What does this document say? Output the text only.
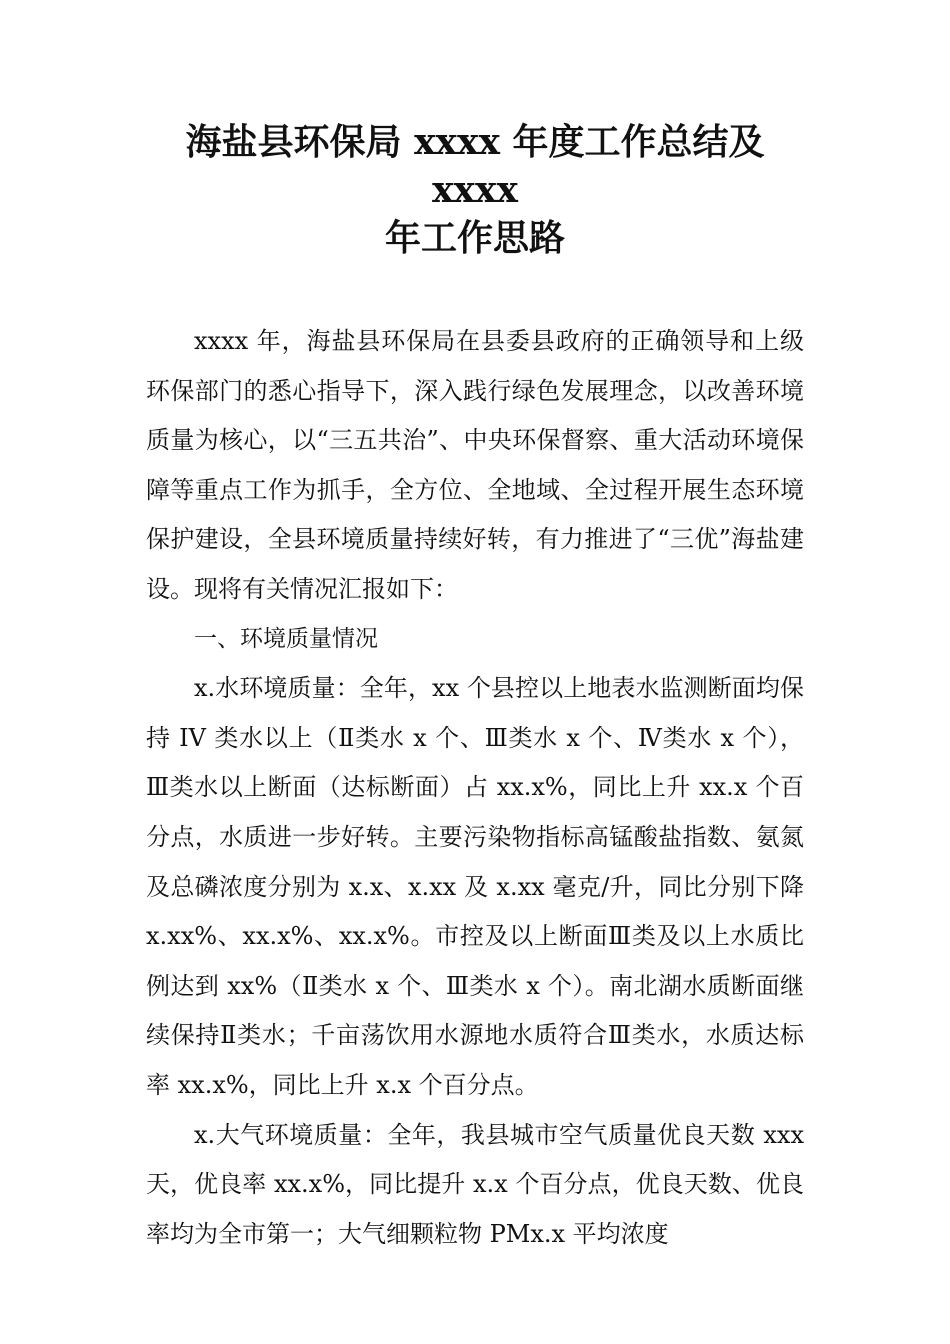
海盐县环保局 xxxx 年度工作总结及 xxxx
年工作思路

xxxx 年，海盐县环保局在县委县政府的正确领导和上级环保部门的悉心指导下，深入践行绿色发展理念，以改善环境质量为核心，以“三五共治”、中央环保督察、重大活动环境保障等重点工作为抓手，全方位、全地域、全过程开展生态环境保护建设，全县环境质量持续好转，有力推进了“三优”海盐建设。现将有关情况汇报如下：

一、环境质量情况

x.水环境质量：全年，xx 个县控以上地表水监测断面均保持 IV 类水以上（Ⅱ类水 x 个、Ⅲ类水 x 个、Ⅳ类水 x 个），Ⅲ类水以上断面（达标断面）占 xx.x%，同比上升 xx.x 个百分点，水质进一步好转。主要污染物指标高锰酸盐指数、氨氮及总磷浓度分别为 x.x、x.xx 及 x.xx 毫克/升，同比分别下降 x.xx%、xx.x%、xx.x%。市控及以上断面Ⅲ类及以上水质比例达到 xx%（Ⅱ类水 x 个、Ⅲ类水 x 个）。南北湖水质断面继续保持Ⅱ类水；千亩荡饮用水源地水质符合Ⅲ类水，水质达标率 xx.x%，同比上升 x.x 个百分点。

x.大气环境质量：全年，我县城市空气质量优良天数 xxx 天，优良率 xx.x%，同比提升 x.x 个百分点，优良天数、优良率均为全市第一；大气细颗粒物 PMx.x 平均浓度
